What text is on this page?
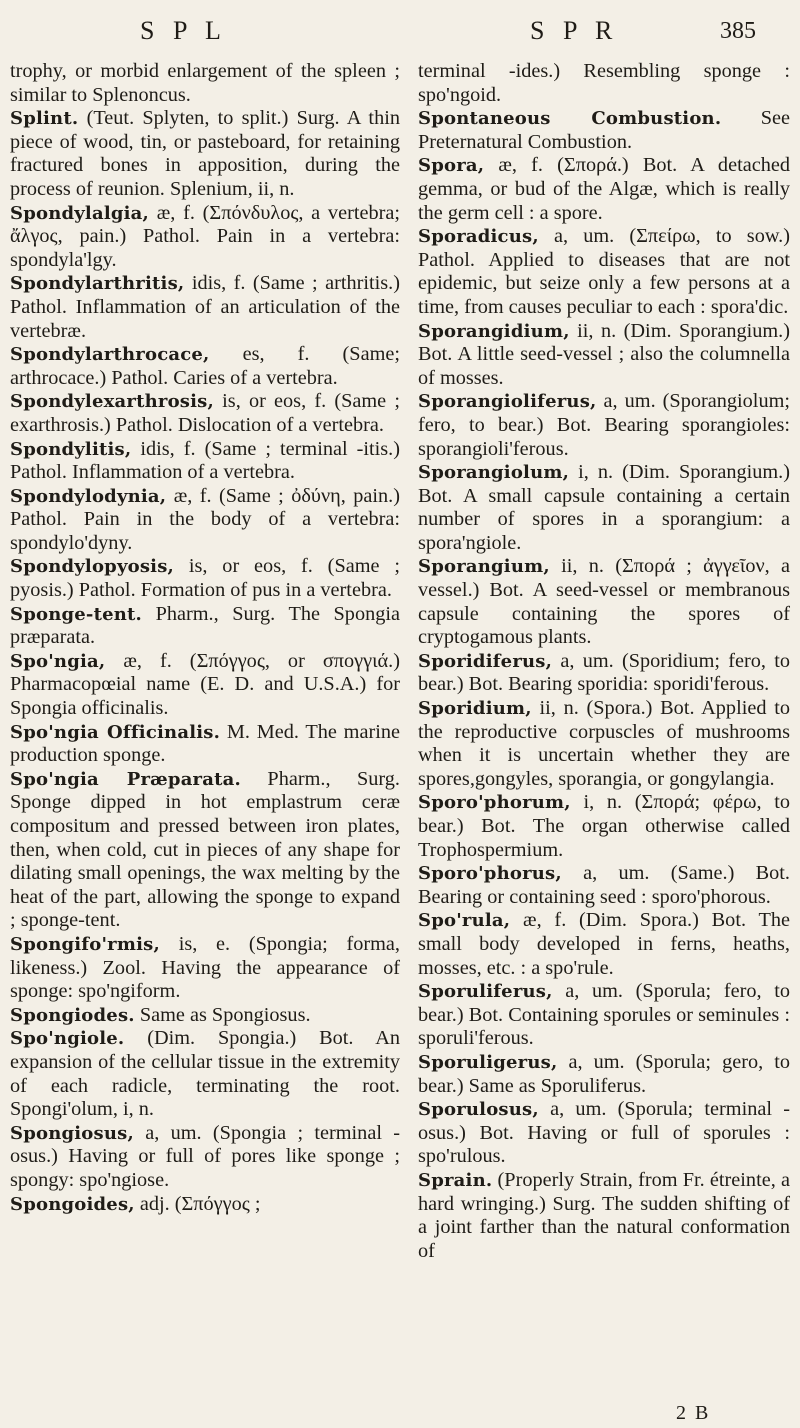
S P L	S P R	385

trophy, or morbid enlargement of the spleen ; similar to Splenoncus.

Splint. (Teut. Splyten, to split.) Surg. A thin piece of wood, tin, or pasteboard, for retaining fractured bones in apposition, during the process of reunion. Splenium, ii, n.

Spondylalgia, æ, f. (Σπόνδυλος, a vertebra; ἄλγος, pain.) Pathol. Pain in a vertebra: spondyla'lgy.

Spondylarthritis, idis, f. (Same ; arthritis.) Pathol. Inflammation of an articulation of the vertebræ.

Spondylarthrocace, es, f. (Same; arthrocace.) Pathol. Caries of a vertebra.

Spondylexarthrosis, is, or eos, f. (Same ; exarthrosis.) Pathol. Dislocation of a vertebra.

Spondylitis, idis, f. (Same ; terminal -itis.) Pathol. Inflammation of a vertebra.

Spondylodynia, æ, f. (Same ; ὀδύνη, pain.) Pathol. Pain in the body of a vertebra: spondylo'dyny.

Spondylopyosis, is, or eos, f. (Same ; pyosis.) Pathol. Formation of pus in a vertebra.

Sponge-tent. Pharm., Surg. The Spongia præparata.

Spo'ngia, æ, f. (Σπόγγος, or σπογγιά.) Pharmacopœial name (E. D. and U.S.A.) for Spongia officinalis.

Spo'ngia Officinalis. M. Med. The marine production sponge.

Spo'ngia Præparata. Pharm., Surg. Sponge dipped in hot emplastrum ceræ compositum and pressed between iron plates, then, when cold, cut in pieces of any shape for dilating small openings, the wax melting by the heat of the part, allowing the sponge to expand ; sponge-tent.

Spongifo'rmis, is, e. (Spongia; forma, likeness.) Zool. Having the appearance of sponge: spo'ngiform.

Spongiodes. Same as Spongiosus.

Spo'ngiole. (Dim. Spongia.) Bot. An expansion of the cellular tissue in the extremity of each radicle, terminating the root. Spongi'olum, i, n.

Spongiosus, a, um. (Spongia ; terminal -osus.) Having or full of pores like sponge ; spongy: spo'ngiose.

Spongoides, adj. (Σπόγγος ;

terminal -ides.) Resembling sponge : spo'ngoid.

Spontaneous Combustion. See Preternatural Combustion.

Spora, æ, f. (Σπορά.) Bot. A detached gemma, or bud of the Algæ, which is really the germ cell : a spore.

Sporadicus, a, um. (Σπείρω, to sow.) Pathol. Applied to diseases that are not epidemic, but seize only a few persons at a time, from causes peculiar to each : spora'dic.

Sporangidium, ii, n. (Dim. Sporangium.) Bot. A little seed-vessel ; also the columnella of mosses.

Sporangioliferus, a, um. (Sporangiolum; fero, to bear.) Bot. Bearing sporangioles: sporangioli'ferous.

Sporangiolum, i, n. (Dim. Sporangium.) Bot. A small capsule containing a certain number of spores in a sporangium: a spora'ngiole.

Sporangium, ii, n. (Σπορά ; ἀγγεῖον, a vessel.) Bot. A seed-vessel or membranous capsule containing the spores of cryptogamous plants.

Sporidiferus, a, um. (Sporidium; fero, to bear.) Bot. Bearing sporidia: sporidi'ferous.

Sporidium, ii, n. (Spora.) Bot. Applied to the reproductive corpuscles of mushrooms when it is uncertain whether they are spores,gongyles, sporangia, or gongylangia.

Sporo'phorum, i, n. (Σπορά; φέρω, to bear.) Bot. The organ otherwise called Trophospermium.

Sporo'phorus, a, um. (Same.) Bot. Bearing or containing seed : sporo'phorous.

Spo'rula, æ, f. (Dim. Spora.) Bot. The small body developed in ferns, heaths, mosses, etc. : a spo'rule.

Sporuliferus, a, um. (Sporula; fero, to bear.) Bot. Containing sporules or seminules : sporuli'ferous.

Sporuligerus, a, um. (Sporula; gero, to bear.) Same as Sporuliferus.

Sporulosus, a, um. (Sporula; terminal -osus.) Bot. Having or full of sporules : spo'rulous.

Sprain. (Properly Strain, from Fr. étreinte, a hard wringing.) Surg. The sudden shifting of a joint farther than the natural conformation of

2 B
